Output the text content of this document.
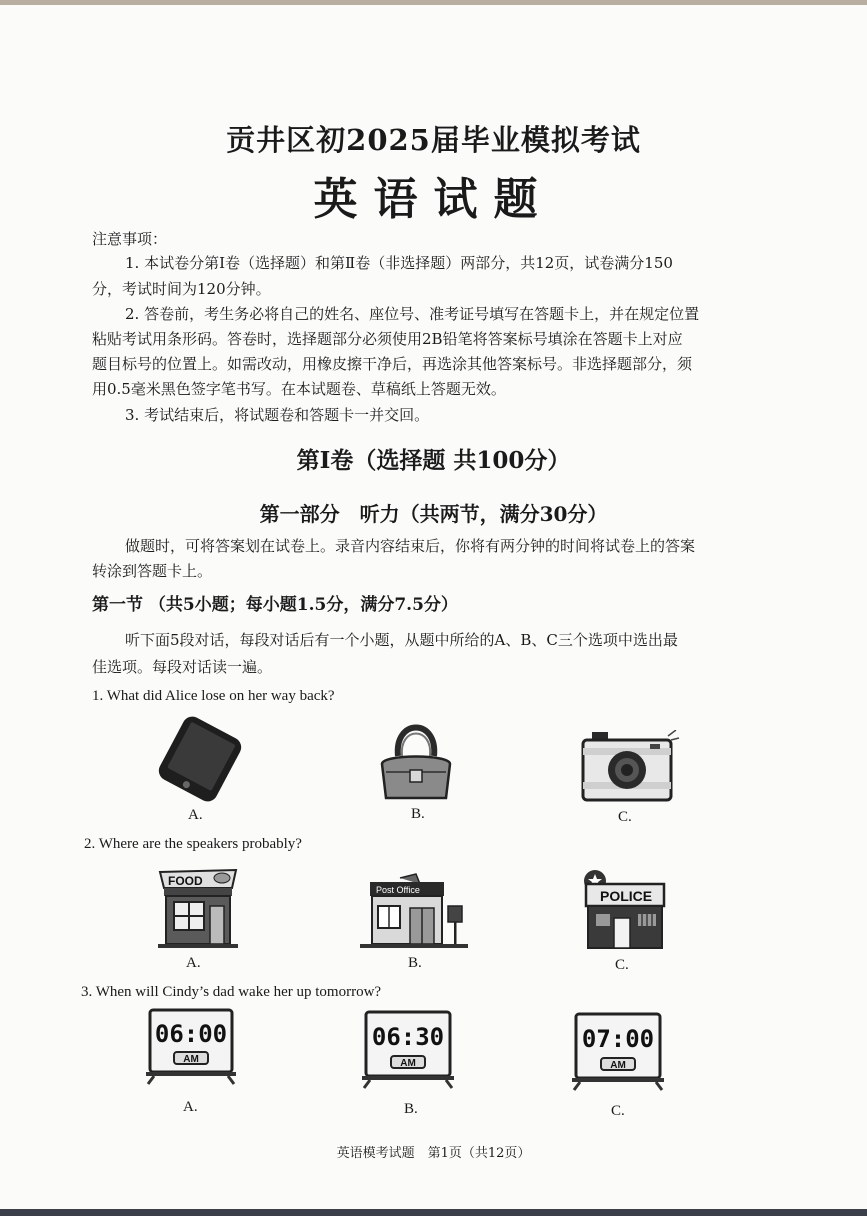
贡井区初2025届毕业模拟考试
英语试题
注意事项：
1. 本试卷分第Ⅰ卷（选择题）和第Ⅱ卷（非选择题）两部分，共12页，试卷满分150
分，考试时间为120分钟。
2. 答卷前，考生务必将自己的姓名、座位号、准考证号填写在答题卡上，并在规定位置
粘贴考试用条形码。答卷时，选择题部分必须使用2B铅笔将答案标号填涂在答题卡上对应
题目标号的位置上。如需改动，用橡皮擦干净后，再选涂其他答案标号。非选择题部分，须
用0.5毫米黑色签字笔书写。在本试题卷、草稿纸上答题无效。
3. 考试结束后，将试题卷和答题卡一并交回。
第Ⅰ卷（选择题 共100分）
第一部分　听力（共两节，满分30分）
做题时，可将答案划在试卷上。录音内容结束后，你将有两分钟的时间将试卷上的答案
转涂到答题卡上。
第一节 （共5小题；每小题1.5分，满分7.5分）
听下面5段对话，每段对话后有一个小题，从题中所给的A、B、C三个选项中选出最
佳选项。每段对话读一遍。
1. What did Alice lose on her way back?
A.	B.	C.
2. Where are the speakers probably?
FOOD
A.
Post Office
B.
POLICE
C.
3. When will Cindy’s dad wake her up tomorrow?
06:00
AM
A.
06:30
AM
B.
07:00
AM
C.
英语模考试题　第1页（共12页）
